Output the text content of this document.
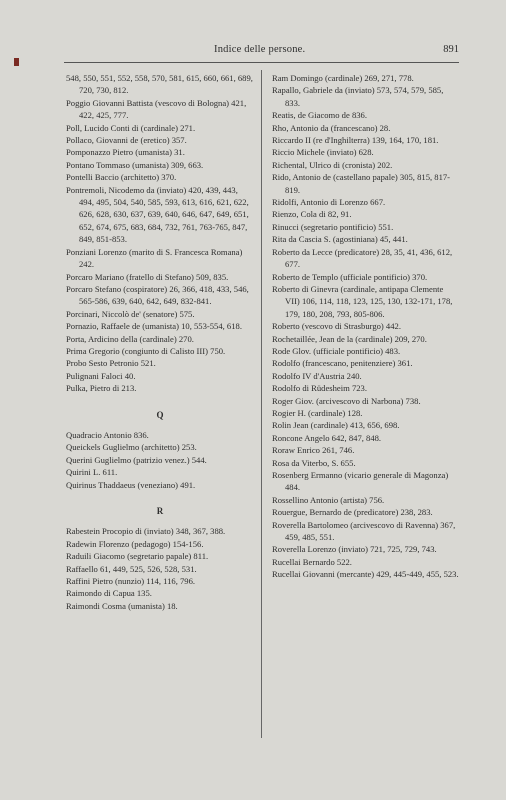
Indice delle persone.	891

548, 550, 551, 552, 558, 570, 581, 615, 660, 661, 689, 720, 730, 812.

Poggio Giovanni Battista (vescovo di Bologna) 421, 422, 425, 777.

Poll, Lucido Conti di (cardinale) 271.

Pollaco, Giovanni de (eretico) 357.

Pomponazzo Pietro (umanista) 31.

Pontano Tommaso (umanista) 309, 663.

Pontelli Baccio (architetto) 370.

Pontremoli, Nicodemo da (inviato) 420, 439, 443, 494, 495, 504, 540, 585, 593, 613, 616, 621, 622, 626, 628, 630, 637, 639, 640, 646, 647, 649, 651, 652, 674, 675, 683, 684, 732, 761, 763-765, 847, 849, 851-853.

Ponziani Lorenzo (marito di S. Francesca Romana) 242.

Porcaro Mariano (fratello di Stefano) 509, 835.

Porcaro Stefano (cospiratore) 26, 366, 418, 433, 546, 565-586, 639, 640, 642, 649, 832-841.

Porcinari, Niccolò de' (senatore) 575.

Pornazio, Raffaele de (umanista) 10, 553-554, 618.

Porta, Ardicino della (cardinale) 270.

Prima Gregorio (congiunto di Calisto III) 750.

Probo Sesto Petronio 521.

Pulignani Faloci 40.

Pulka, Pietro di 213.

Q

Quadracio Antonio 836.

Queickels Guglielmo (architetto) 253.

Querini Guglielmo (patrizio venez.) 544.

Quirini L. 611.

Quirinus Thaddaeus (veneziano) 491.

R

Rabestein Procopio di (inviato) 348, 367, 388.

Radewin Florenzo (pedagogo) 154-156.

Raduili Giacomo (segretario papale) 811.

Raffaello 61, 449, 525, 526, 528, 531.

Raffini Pietro (nunzio) 114, 116, 796.

Raimondo di Capua 135.

Raimondi Cosma (umanista) 18.

Ram Domingo (cardinale) 269, 271, 778.

Rapallo, Gabriele da (inviato) 573, 574, 579, 585, 833.

Reatis, de Giacomo de 836.

Rho, Antonio da (francescano) 28.

Riccardo II (re d'Inghilterra) 139, 164, 170, 181.

Riccio Michele (inviato) 628.

Richental, Ulrico di (cronista) 202.

Rido, Antonio de (castellano papale) 305, 815, 817-819.

Ridolfi, Antonio di Lorenzo 667.

Rienzo, Cola di 82, 91.

Rinucci (segretario pontificio) 551.

Rita da Cascia S. (agostiniana) 45, 441.

Roberto da Lecce (predicatore) 28, 35, 41, 436, 612, 677.

Roberto de Templo (ufficiale pontificio) 370.

Roberto di Ginevra (cardinale, antipapa Clemente VII) 106, 114, 118, 123, 125, 130, 132-171, 178, 179, 180, 208, 793, 805-806.

Roberto (vescovo di Strasburgo) 442.

Rochetaillée, Jean de la (cardinale) 209, 270.

Rode Glov. (ufficiale pontificio) 483.

Rodolfo (francescano, penitenziere) 361.

Rodolfo IV d'Austria 240.

Rodolfo di Rüdesheim 723.

Roger Giov. (arcivescovo di Narbona) 738.

Rogier H. (cardinale) 128.

Rolin Jean (cardinale) 413, 656, 698.

Roncone Angelo 642, 847, 848.

Roraw Enrico 261, 746.

Rosa da Viterbo, S. 655.

Rosenberg Ermanno (vicario generale di Magonza) 484.

Rossellino Antonio (artista) 756.

Rouergue, Bernardo de (predicatore) 238, 283.

Roverella Bartolomeo (arcivescovo di Ravenna) 367, 459, 485, 551.

Roverella Lorenzo (inviato) 721, 725, 729, 743.

Rucellai Bernardo 522.

Rucellai Giovanni (mercante) 429, 445-449, 455, 523.
